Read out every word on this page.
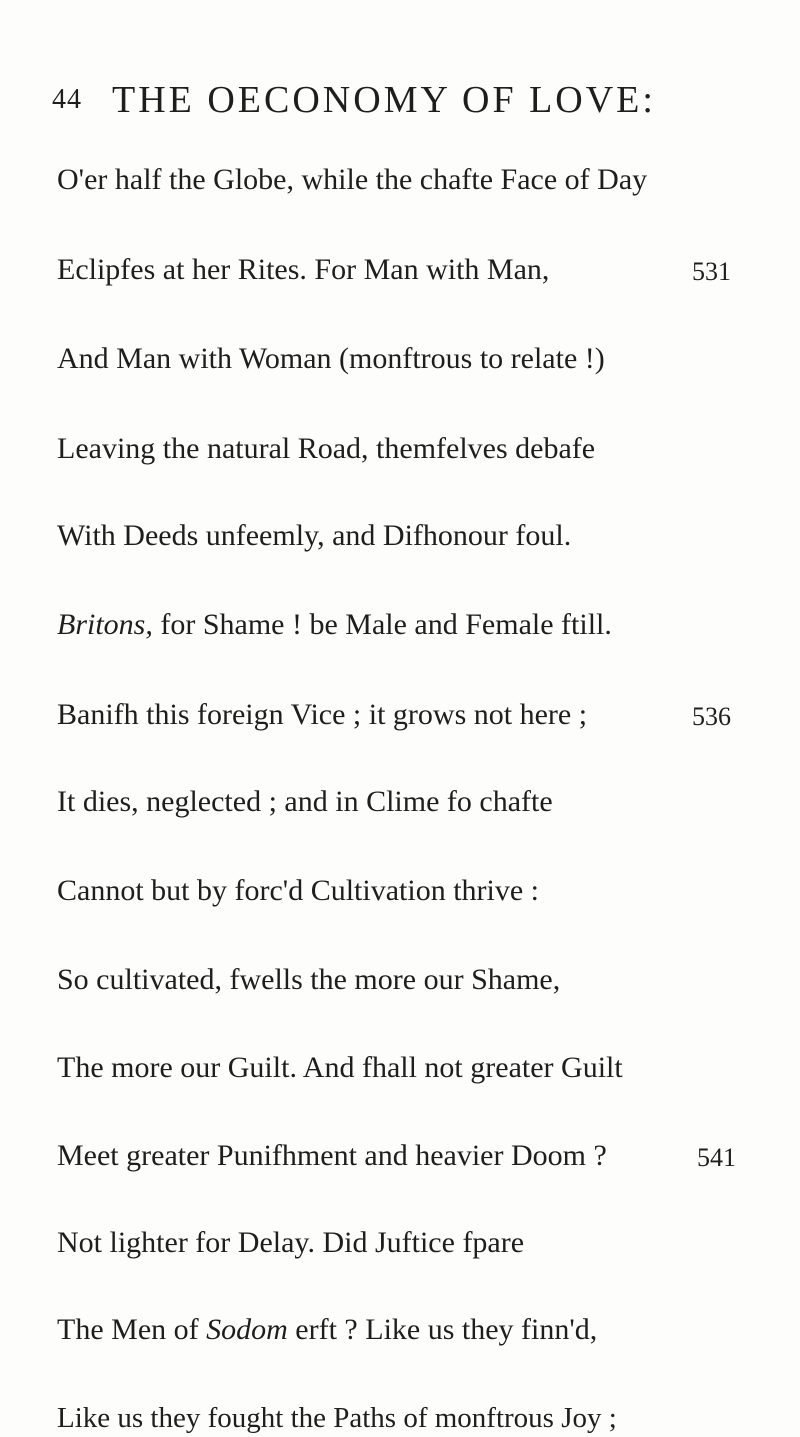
44 THE OECONOMY OF LOVE:
O'er half the Globe, while the chafte Face of Day
Eclipfes at her Rites. For Man with Man,	531
And Man with Woman (monftrous to relate !)
Leaving the natural Road, themfelves debafe
With Deeds unfeemly, and Difhonour foul.
Britons, for Shame ! be Male and Female ftill.
Banifh this foreign Vice ; it grows not here ;	536
It dies, neglected ; and in Clime fo chafte
Cannot but by forc'd Cultivation thrive :
So cultivated, fwells the more our Shame,
The more our Guilt. And fhall not greater Guilt
Meet greater Punifhment and heavier Doom ?	541
Not lighter for Delay. Did Juftice fpare
The Men of Sodom erft ? Like us they finn'd,
Like us they fought the Paths of monftrous Joy ;
